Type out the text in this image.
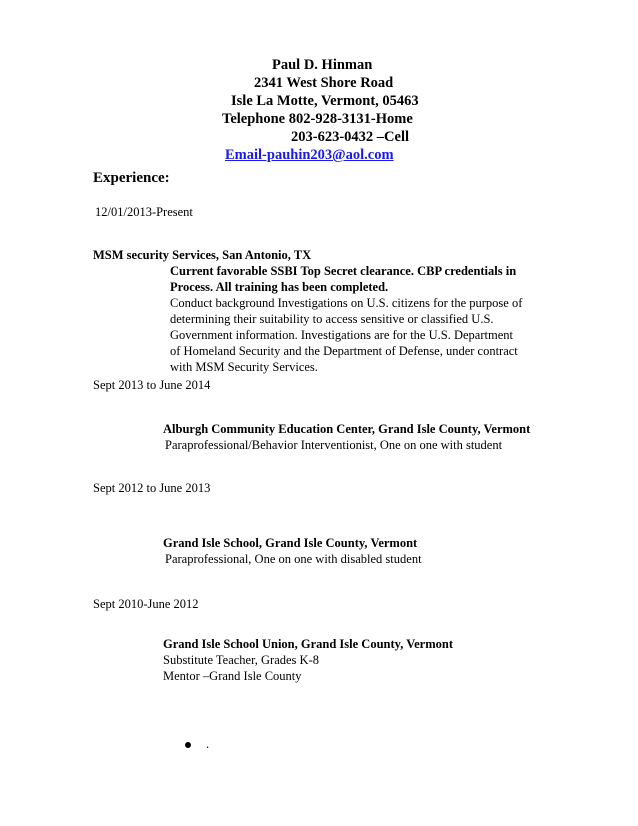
Paul D. Hinman
2341 West Shore Road
Isle La Motte, Vermont, 05463
Telephone 802-928-3131-Home
203-623-0432 –Cell
Email-pauhin203@aol.com
Experience:
12/01/2013-Present
MSM security Services, San Antonio, TX
Current favorable SSBI Top Secret clearance. CBP credentials in
Process. All training has been completed.
Conduct background Investigations on U.S. citizens for the purpose of
determining their suitability to access sensitive or classified U.S.
Government information. Investigations are for the U.S. Department
of Homeland Security and the Department of Defense, under contract
with MSM Security Services.
Sept 2013 to June 2014
Alburgh Community Education Center, Grand Isle County, Vermont
Paraprofessional/Behavior Interventionist, One on one with student
Sept 2012 to June 2013
Grand Isle School, Grand Isle County, Vermont
Paraprofessional, One on one with disabled student
Sept 2010-June 2012
Grand Isle School Union, Grand Isle County, Vermont
Substitute Teacher, Grades K-8
Mentor –Grand Isle County
.
